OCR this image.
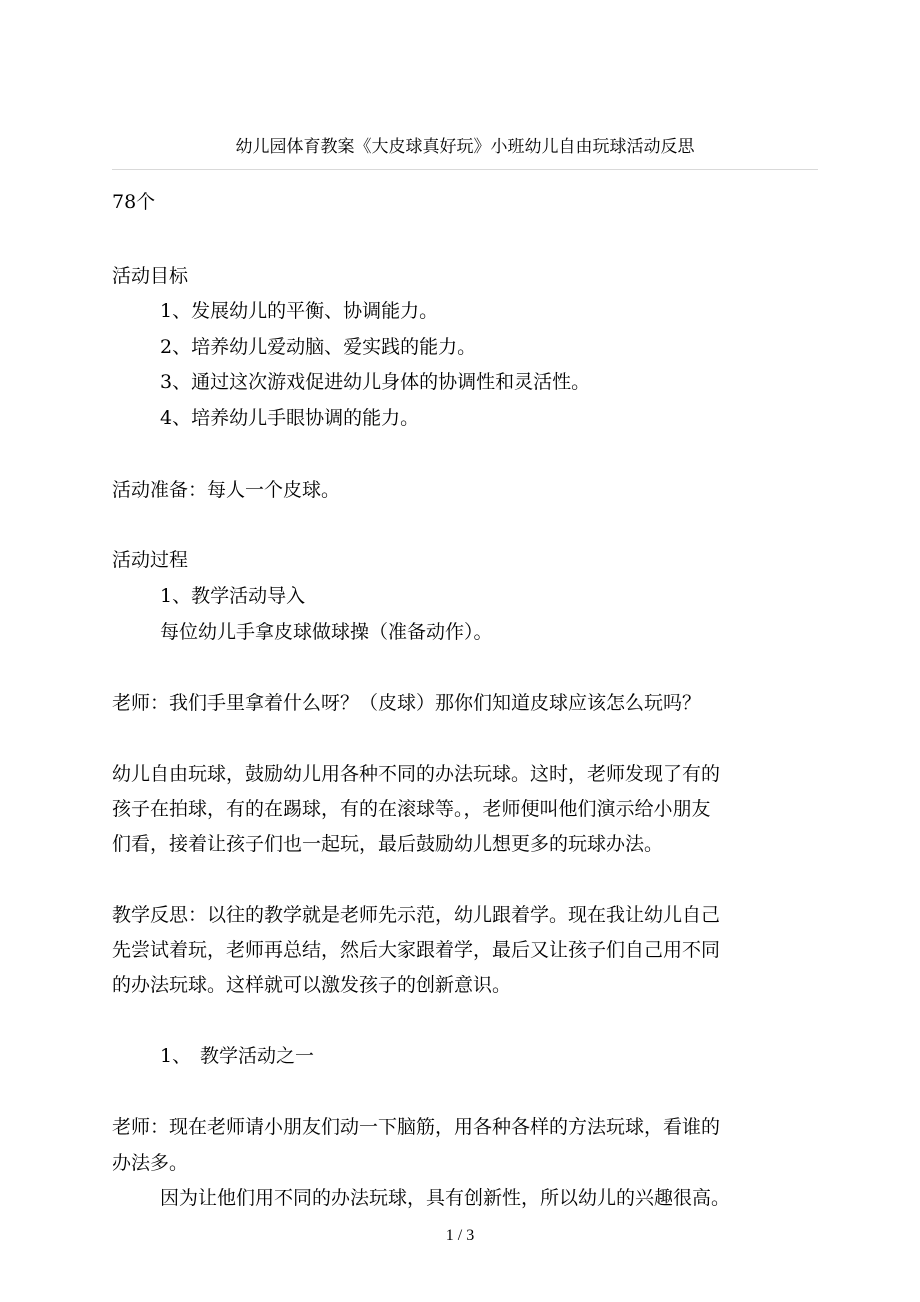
幼儿园体育教案《大皮球真好玩》小班幼儿自由玩球活动反思
78个
活动目标
1、发展幼儿的平衡、协调能力。
2、培养幼儿爱动脑、爱实践的能力。
3、通过这次游戏促进幼儿身体的协调性和灵活性。
4、培养幼儿手眼协调的能力。
活动准备：每人一个皮球。
活动过程
1、教学活动导入
每位幼儿手拿皮球做球操（准备动作）。
老师：我们手里拿着什么呀？（皮球）那你们知道皮球应该怎么玩吗？
幼儿自由玩球，鼓励幼儿用各种不同的办法玩球。这时，老师发现了有的
孩子在拍球，有的在踢球，有的在滚球等。，老师便叫他们演示给小朋友
们看，接着让孩子们也一起玩，最后鼓励幼儿想更多的玩球办法。
教学反思：以往的教学就是老师先示范，幼儿跟着学。现在我让幼儿自己
先尝试着玩，老师再总结，然后大家跟着学，最后又让孩子们自己用不同
的办法玩球。这样就可以激发孩子的创新意识。
1、 教学活动之一
老师：现在老师请小朋友们动一下脑筋，用各种各样的方法玩球，看谁的
办法多。
因为让他们用不同的办法玩球，具有创新性，所以幼儿的兴趣很高。
1 / 3
